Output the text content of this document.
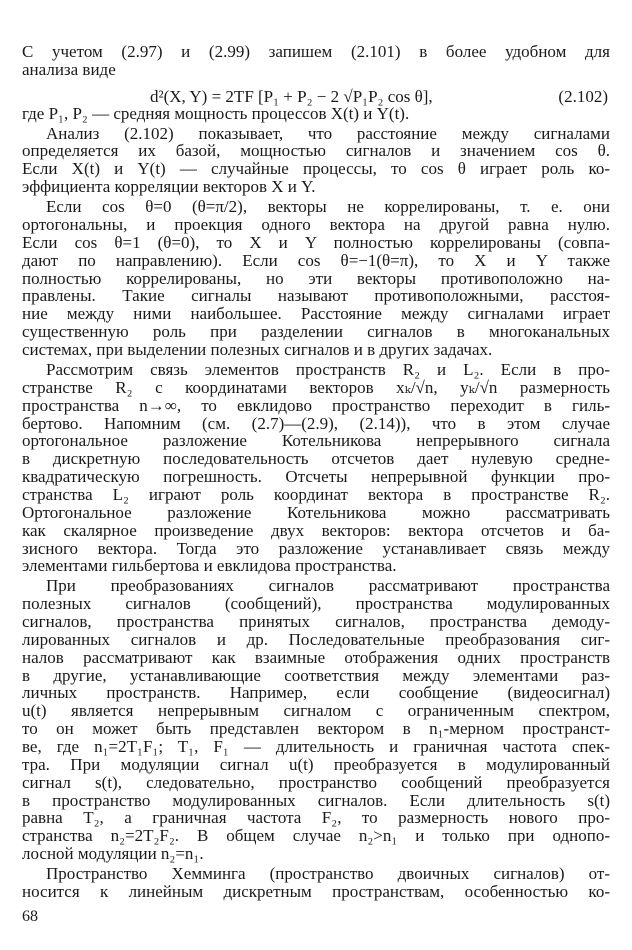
С учетом (2.97) и (2.99) запишем (2.101) в более удобном для
анализа виде
d²(X, Y) = 2TF [P₁ + P₂ − 2 √P₁P₂ cos θ],	(2.102)
где P₁, P₂ — средняя мощность процессов X(t) и Y(t).
Анализ (2.102) показывает, что расстояние между сигналами
определяется их базой, мощностью сигналов и значением cos θ.
Если X(t) и Y(t) — случайные процессы, то cos θ играет роль ко-
эффициента корреляции векторов X и Y.
Если cos θ=0 (θ=π/2), векторы не коррелированы, т. е. они
ортогональны, и проекция одного вектора на другой равна нулю.
Если cos θ=1 (θ=0), то X и Y полностью коррелированы (совпа-
дают по направлению). Если cos θ=−1(θ=π), то X и Y также
полностью коррелированы, но эти векторы противоположно на-
правлены. Такие сигналы называют противоположными, расстоя-
ние между ними наибольшее. Расстояние между сигналами играет
существенную роль при разделении сигналов в многоканальных
системах, при выделении полезных сигналов и в других задачах.
Рассмотрим связь элементов пространств R₂ и L₂. Если в про-
странстве R₂ с координатами векторов xₖ/√n, yₖ/√n размерность
пространства n→∞, то евклидово пространство переходит в гиль-
бертово. Напомним (см. (2.7)—(2.9), (2.14)), что в этом случае
ортогональное разложение Котельникова непрерывного сигнала
в дискретную последовательность отсчетов дает нулевую средне-
квадратическую погрешность. Отсчеты непрерывной функции про-
странства L₂ играют роль координат вектора в пространстве R₂.
Ортогональное разложение Котельникова можно рассматривать
как скалярное произведение двух векторов: вектора отсчетов и ба-
зисного вектора. Тогда это разложение устанавливает связь между
элементами гильбертова и евклидова пространства.
При преобразованиях сигналов рассматривают пространства
полезных сигналов (сообщений), пространства модулированных
сигналов, пространства принятых сигналов, пространства демоду-
лированных сигналов и др. Последовательные преобразования сиг-
налов рассматривают как взаимные отображения одних пространств
в другие, устанавливающие соответствия между элементами раз-
личных пространств. Например, если сообщение (видеосигнал)
u(t) является непрерывным сигналом с ограниченным спектром,
то он может быть представлен вектором в n₁-мерном пространст-
ве, где n₁=2T₁F₁; T₁, F₁ — длительность и граничная частота спек-
тра. При модуляции сигнал u(t) преобразуется в модулированный
сигнал s(t), следовательно, пространство сообщений преобразуется
в пространство модулированных сигналов. Если длительность s(t)
равна T₂, а граничная частота F₂, то размерность нового про-
странства n₂=2T₂F₂. В общем случае n₂>n₁ и только при однопо-
лосной модуляции n₂=n₁.
Пространство Хемминга (пространство двоичных сигналов) от-
носится к линейным дискретным пространствам, особенностью ко-
68
